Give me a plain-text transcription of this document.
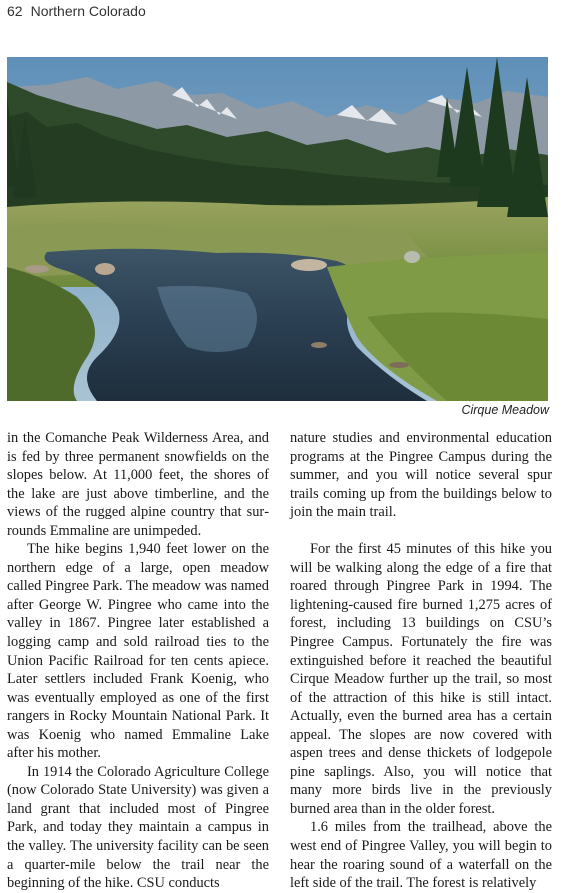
62 Northern Colorado
Cirque Meadow

in the Comanche Peak Wilderness Area, and is fed by three permanent snowfields on the slopes below. At 11,000 feet, the shores of the lake are just above timberline, and the views of the rugged alpine country that surrounds Emmaline are unimpeded.

The hike begins 1,940 feet lower on the northern edge of a large, open meadow called Pingree Park. The meadow was named after George W. Pingree who came into the valley in 1867. Pingree later established a logging camp and sold railroad ties to the Union Pacific Railroad for ten cents apiece. Later settlers included Frank Koenig, who was eventually employed as one of the first rangers in Rocky Mountain National Park. It was Koenig who named Emmaline Lake after his mother.

In 1914 the Colorado Agriculture College (now Colorado State University) was given a land grant that included most of Pingree Park, and today they maintain a campus in the valley. The university facility can be seen a quarter-mile below the trail near the beginning of the hike. CSU conducts

nature studies and environmental education programs at the Pingree Campus during the summer, and you will notice several spur trails coming up from the buildings below to join the main trail.

For the first 45 minutes of this hike you will be walking along the edge of a fire that roared through Pingree Park in 1994. The lightening-caused fire burned 1,275 acres of forest, including 13 buildings on CSU’s Pingree Campus. Fortunately the fire was extinguished before it reached the beautiful Cirque Meadow further up the trail, so most of the attraction of this hike is still intact. Actually, even the burned area has a certain appeal. The slopes are now covered with aspen trees and dense thickets of lodgepole pine saplings. Also, you will notice that many more birds live in the previously burned area than in the older forest.

1.6 miles from the trailhead, above the west end of Pingree Valley, you will begin to hear the roaring sound of a waterfall on the left side of the trail. The forest is relatively
